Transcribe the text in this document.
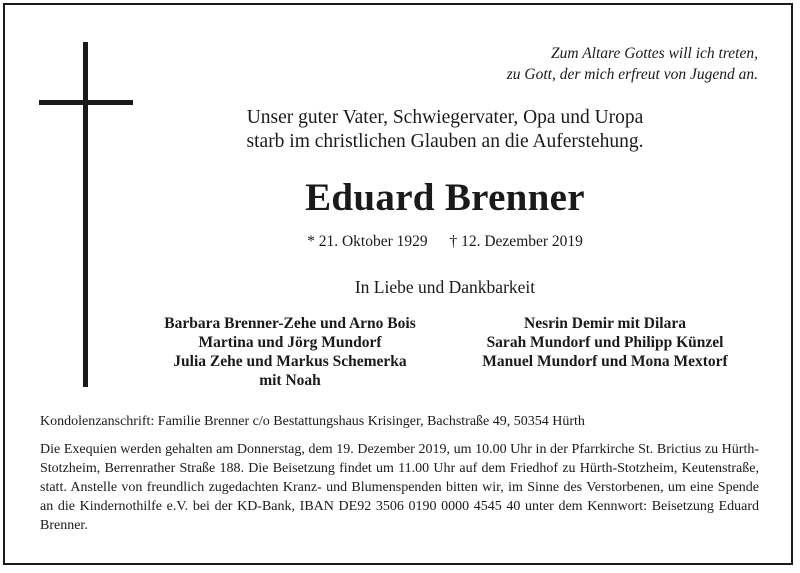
Zum Altare Gottes will ich treten,
zu Gott, der mich erfreut von Jugend an.
Unser guter Vater, Schwiegervater, Opa und Uropa
starb im christlichen Glauben an die Auferstehung.
Eduard Brenner
* 21. Oktober 1929 † 12. Dezember 2019
In Liebe und Dankbarkeit
Barbara Brenner-Zehe und Arno Bois
Martina und Jörg Mundorf
Julia Zehe und Markus Schemerka
mit Noah
Nesrin Demir mit Dilara
Sarah Mundorf und Philipp Künzel
Manuel Mundorf und Mona Mextorf
Kondolenzanschrift: Familie Brenner c/o Bestattungshaus Krisinger, Bachstraße 49, 50354 Hürth
Die Exequien werden gehalten am Donnerstag, dem 19. Dezember 2019, um 10.00 Uhr in der Pfarrkirche St. Brictius zu Hürth-Stotzheim, Berrenrather Straße 188. Die Beisetzung findet um 11.00 Uhr auf dem Friedhof zu Hürth-Stotzheim, Keutenstraße, statt. Anstelle von freundlich zugedachten Kranz- und Blumenspenden bitten wir, im Sinne des Verstorbenen, um eine Spende an die Kindernothilfe e.V. bei der KD-Bank, IBAN DE92 3506 0190 0000 4545 40 unter dem Kennwort: Beisetzung Eduard Brenner.
